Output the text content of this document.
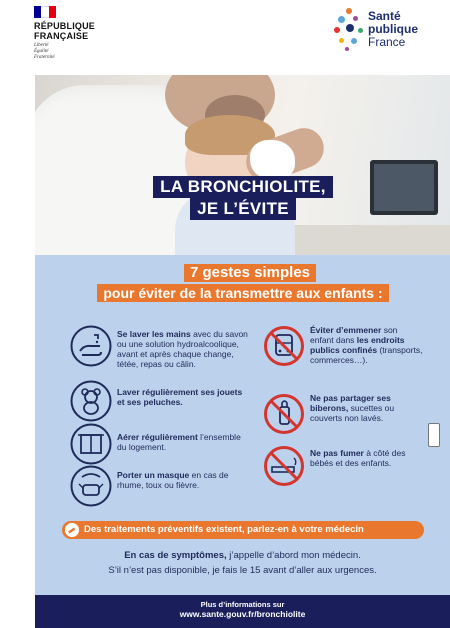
RÉPUBLIQUE
FRANÇAISE
Liberté
Égalité
Fraternité
Santé
publique
France
LA BRONCHIOLITE,
JE L’ÉVITE
7 gestes simples
pour éviter de la transmettre aux enfants :
Se laver les mains avec du savon ou une solution hydroalcoolique, avant et après chaque change, tétée, repas ou câlin.
Laver régulièrement ses jouets et ses peluches.
Aérer régulièrement l’ensemble du logement.
Porter un masque en cas de rhume, toux ou fièvre.
Éviter d’emmener son enfant dans les endroits publics confinés (transports, commerces…).
Ne pas partager ses biberons, sucettes ou couverts non lavés.
Ne pas fumer à côté des bébés et des enfants.
Des traitements préventifs existent, parlez-en à votre médecin
En cas de symptômes, j’appelle d’abord mon médecin.
S’il n’est pas disponible, je fais le 15 avant d’aller aux urgences.
Plus d’informations sur
www.sante.gouv.fr/bronchiolite
